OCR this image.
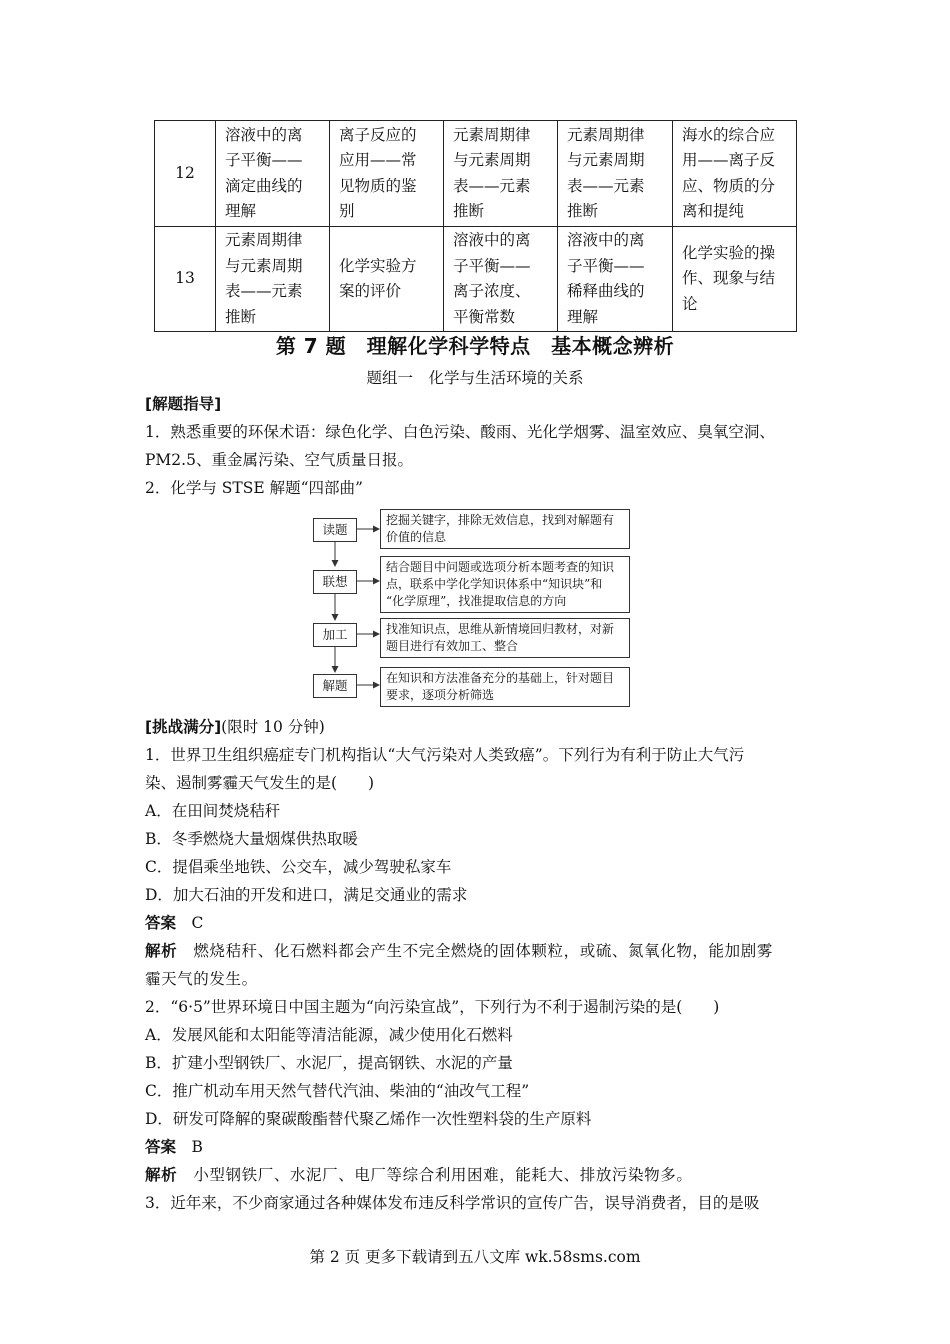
12	溶液中的离
子平衡——
滴定曲线的
理解	离子反应的
应用——常
见物质的鉴
别	元素周期律
与元素周期
表——元素
推断	元素周期律
与元素周期
表——元素
推断	海水的综合应
用——离子反
应、物质的分
离和提纯
13	元素周期律
与元素周期
表——元素
推断	化学实验方
案的评价	溶液中的离
子平衡——
离子浓度、
平衡常数	溶液中的离
子平衡——
稀释曲线的
理解	化学实验的操
作、现象与结
论
第 7 题　理解化学科学特点　基本概念辨析
题组一　化学与生活环境的关系
[解题指导]
1．熟悉重要的环保术语：绿色化学、白色污染、酸雨、光化学烟雾、温室效应、臭氧空洞、
PM2.5、重金属污染、空气质量日报。
2．化学与 STSE 解题“四部曲”
读题
挖掘关键字，排除无效信息，找到对解题有
价值的信息
联想
结合题目中问题或选项分析本题考查的知识
点，联系中学化学知识体系中“知识块”和
“化学原理”，找准提取信息的方向
加工	找准知识点，思维从新情境回归教材，对新
题目进行有效加工、整合
解题	在知识和方法准备充分的基础上，针对题目
要求，逐项分析筛选
[挑战满分](限时 10 分钟)
1．世界卫生组织癌症专门机构指认“大气污染对人类致癌”。下列行为有利于防止大气污
染、遏制雾霾天气发生的是(　　)
A．在田间焚烧秸秆
B．冬季燃烧大量烟煤供热取暖
C．提倡乘坐地铁、公交车，减少驾驶私家车
D．加大石油的开发和进口，满足交通业的需求
答案　 C
解析　 燃烧秸秆、化石燃料都会产生不完全燃烧的固体颗粒，或硫、氮氧化物，能加剧雾
霾天气的发生。
2．“6·5”世界环境日中国主题为“向污染宣战”，下列行为不利于遏制污染的是(　　)
A．发展风能和太阳能等清洁能源，减少使用化石燃料
B．扩建小型钢铁厂、水泥厂，提高钢铁、水泥的产量
C．推广机动车用天然气替代汽油、柴油的“油改气工程”
D．研发可降解的聚碳酸酯替代聚乙烯作一次性塑料袋的生产原料
答案　 B
解析　 小型钢铁厂、水泥厂、电厂等综合利用困难，能耗大、排放污染物多。
3．近年来，不少商家通过各种媒体发布违反科学常识的宣传广告，误导消费者，目的是吸
第 2 页 更多下载请到五八文库 wk.58sms.com
